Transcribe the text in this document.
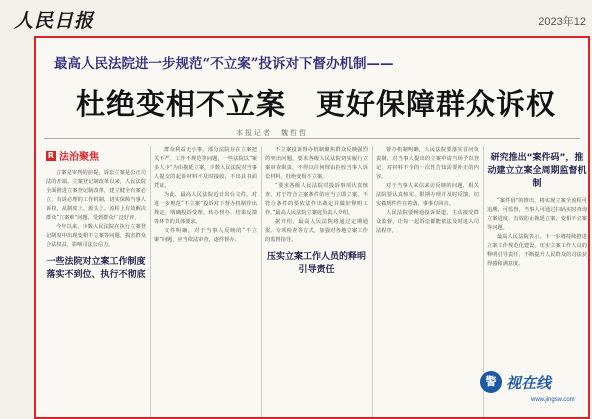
人民日报	2023年12
最高人民法院进一步规范“不立案”投诉对下督办机制——
杜绝变相不立案　更好保障群众诉权
本报记者　魏哲哲
R 法治聚焦

立案是审判的前提，诉讼立案是公正司法的开端。立案登记制改革以来，人民法院全面推进立案登记制改革，建立健全有案必立、有诉必理的工作机制，切实保障当事人诉权，从制度上、源头上、流程上有效解决群众“立案难”问题，受到群众广泛好评。

今年以来，少数人民法院在执行立案登记制度中出现变相不立案等问题，损害群众合法权益，影响司法公信力。

一些法院对立案工作制度落实不到位、执行不彻底

群众利益无小事。部分法院存在立案把关不严、工作不规范等问题，一些法院以“案多人少”为由拖延立案，少数人民法院对当事人提交的起诉材料不及时接收，不出具书面凭证。

为此，最高人民法院近日出台文件，对进一步规范“不立案”投诉对下督办机制作出规定，明确投诉受理、转办督办、结果反馈等环节的具体要求。

文件明确，对于当事人反映的“不立案”问题，应当依法审查，逐件督办。

不立案投诉督办机制聚焦群众反映强烈的突出问题，要求各级人民法院切实履行立案审查职责，不得以任何理由拒收当事人诉讼材料，杜绝变相不立案。

“要求各级人民法院对投诉事项认真核查，对于符合立案条件的应当立即立案，不符合条件的要依法作出裁定并做好释明工作。”最高人民法院立案庭负责人介绍。

据介绍，最高人民法院将通过定期通报、专项检查等方式，加强对各地立案工作的监督指导。

压实立案工作人员的释明引导责任

督办机制明确，人民法院要落实首问负责制，对当事人提出的立案申请当场予以登记，对材料不全的一次性告知需要补正的内容。

对于当事人来信来访反映的问题，相关法院要认真核实、限期办理并及时反馈，切实做到件件有着落、事事有回音。

人民法院要畅通投诉渠道，主动接受群众监督，让每一起诉讼都能依法及时进入司法程序。

研究推出“案件码”，推动建立立案全周期监督机制

“案件码”的推出，将实现立案全流程可追溯、可监督，当事人可通过扫码实时查询立案进度，有效防止拖延立案、变相不立案等问题。

最高人民法院表示，下一步将持续推进立案工作规范化建设，压实立案工作人员的释明引导责任，不断提升人民群众的司法获得感和满意度。

警 视在线
www.jingsw.com
